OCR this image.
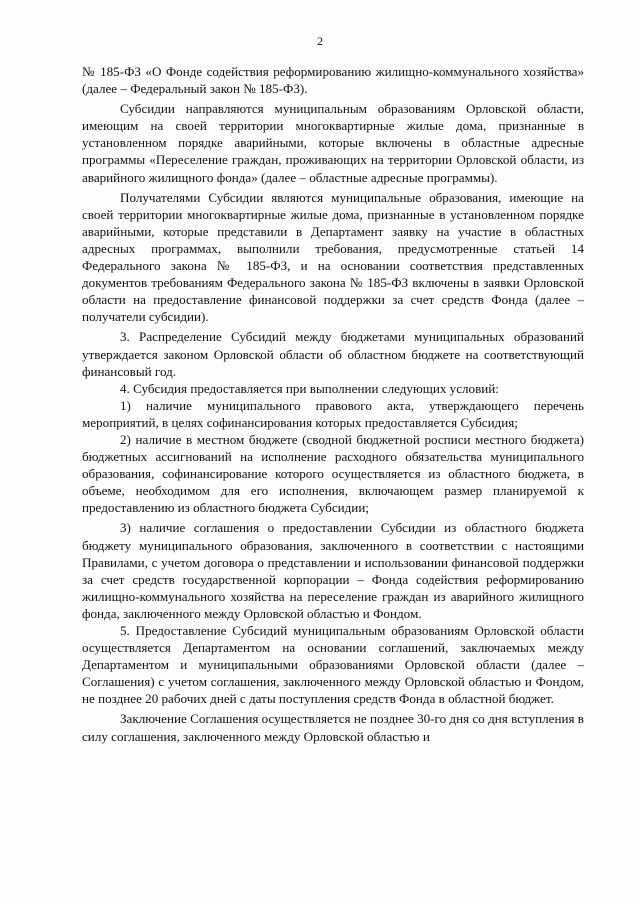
2

№ 185-ФЗ «О Фонде содействия реформированию жилищно-коммунального хозяйства» (далее – Федеральный закон № 185-ФЗ).

Субсидии направляются муниципальным образованиям Орловской области, имеющим на своей территории многоквартирные жилые дома, признанные в установленном порядке аварийными, которые включены в областные адресные программы «Переселение граждан, проживающих на территории Орловской области, из аварийного жилищного фонда» (далее – областные адресные программы).

Получателями Субсидии являются муниципальные образования, имеющие на своей территории многоквартирные жилые дома, признанные в установленном порядке аварийными, которые представили в Департамент заявку на участие в областных адресных программах, выполнили требования, предусмотренные статьей 14 Федерального закона № 185-ФЗ, и на основании соответствия представленных документов требованиям Федерального закона № 185-ФЗ включены в заявки Орловской области на предоставление финансовой поддержки за счет средств Фонда (далее – получатели субсидии).

3. Распределение Субсидий между бюджетами муниципальных образований утверждается законом Орловской области об областном бюджете на соответствующий финансовый год.

4. Субсидия предоставляется при выполнении следующих условий:

1) наличие муниципального правового акта, утверждающего перечень мероприятий, в целях софинансирования которых предоставляется Субсидия;

2) наличие в местном бюджете (сводной бюджетной росписи местного бюджета) бюджетных ассигнований на исполнение расходного обязательства муниципального образования, софинансирование которого осуществляется из областного бюджета, в объеме, необходимом для его исполнения, включающем размер планируемой к предоставлению из областного бюджета Субсидии;

3) наличие соглашения о предоставлении Субсидии из областного бюджета бюджету муниципального образования, заключенного в соответствии с настоящими Правилами, с учетом договора о представлении и использовании финансовой поддержки за счет средств государственной корпорации – Фонда содействия реформированию жилищно-коммунального хозяйства на переселение граждан из аварийного жилищного фонда, заключенного между Орловской областью и Фондом.

5. Предоставление Субсидий муниципальным образованиям Орловской области осуществляется Департаментом на основании соглашений, заключаемых между Департаментом и муниципальными образованиями Орловской области (далее – Соглашения) с учетом соглашения, заключенного между Орловской областью и Фондом, не позднее 20 рабочих дней с даты поступления средств Фонда в областной бюджет.

Заключение Соглашения осуществляется не позднее 30-го дня со дня вступления в силу соглашения, заключенного между Орловской областью и
